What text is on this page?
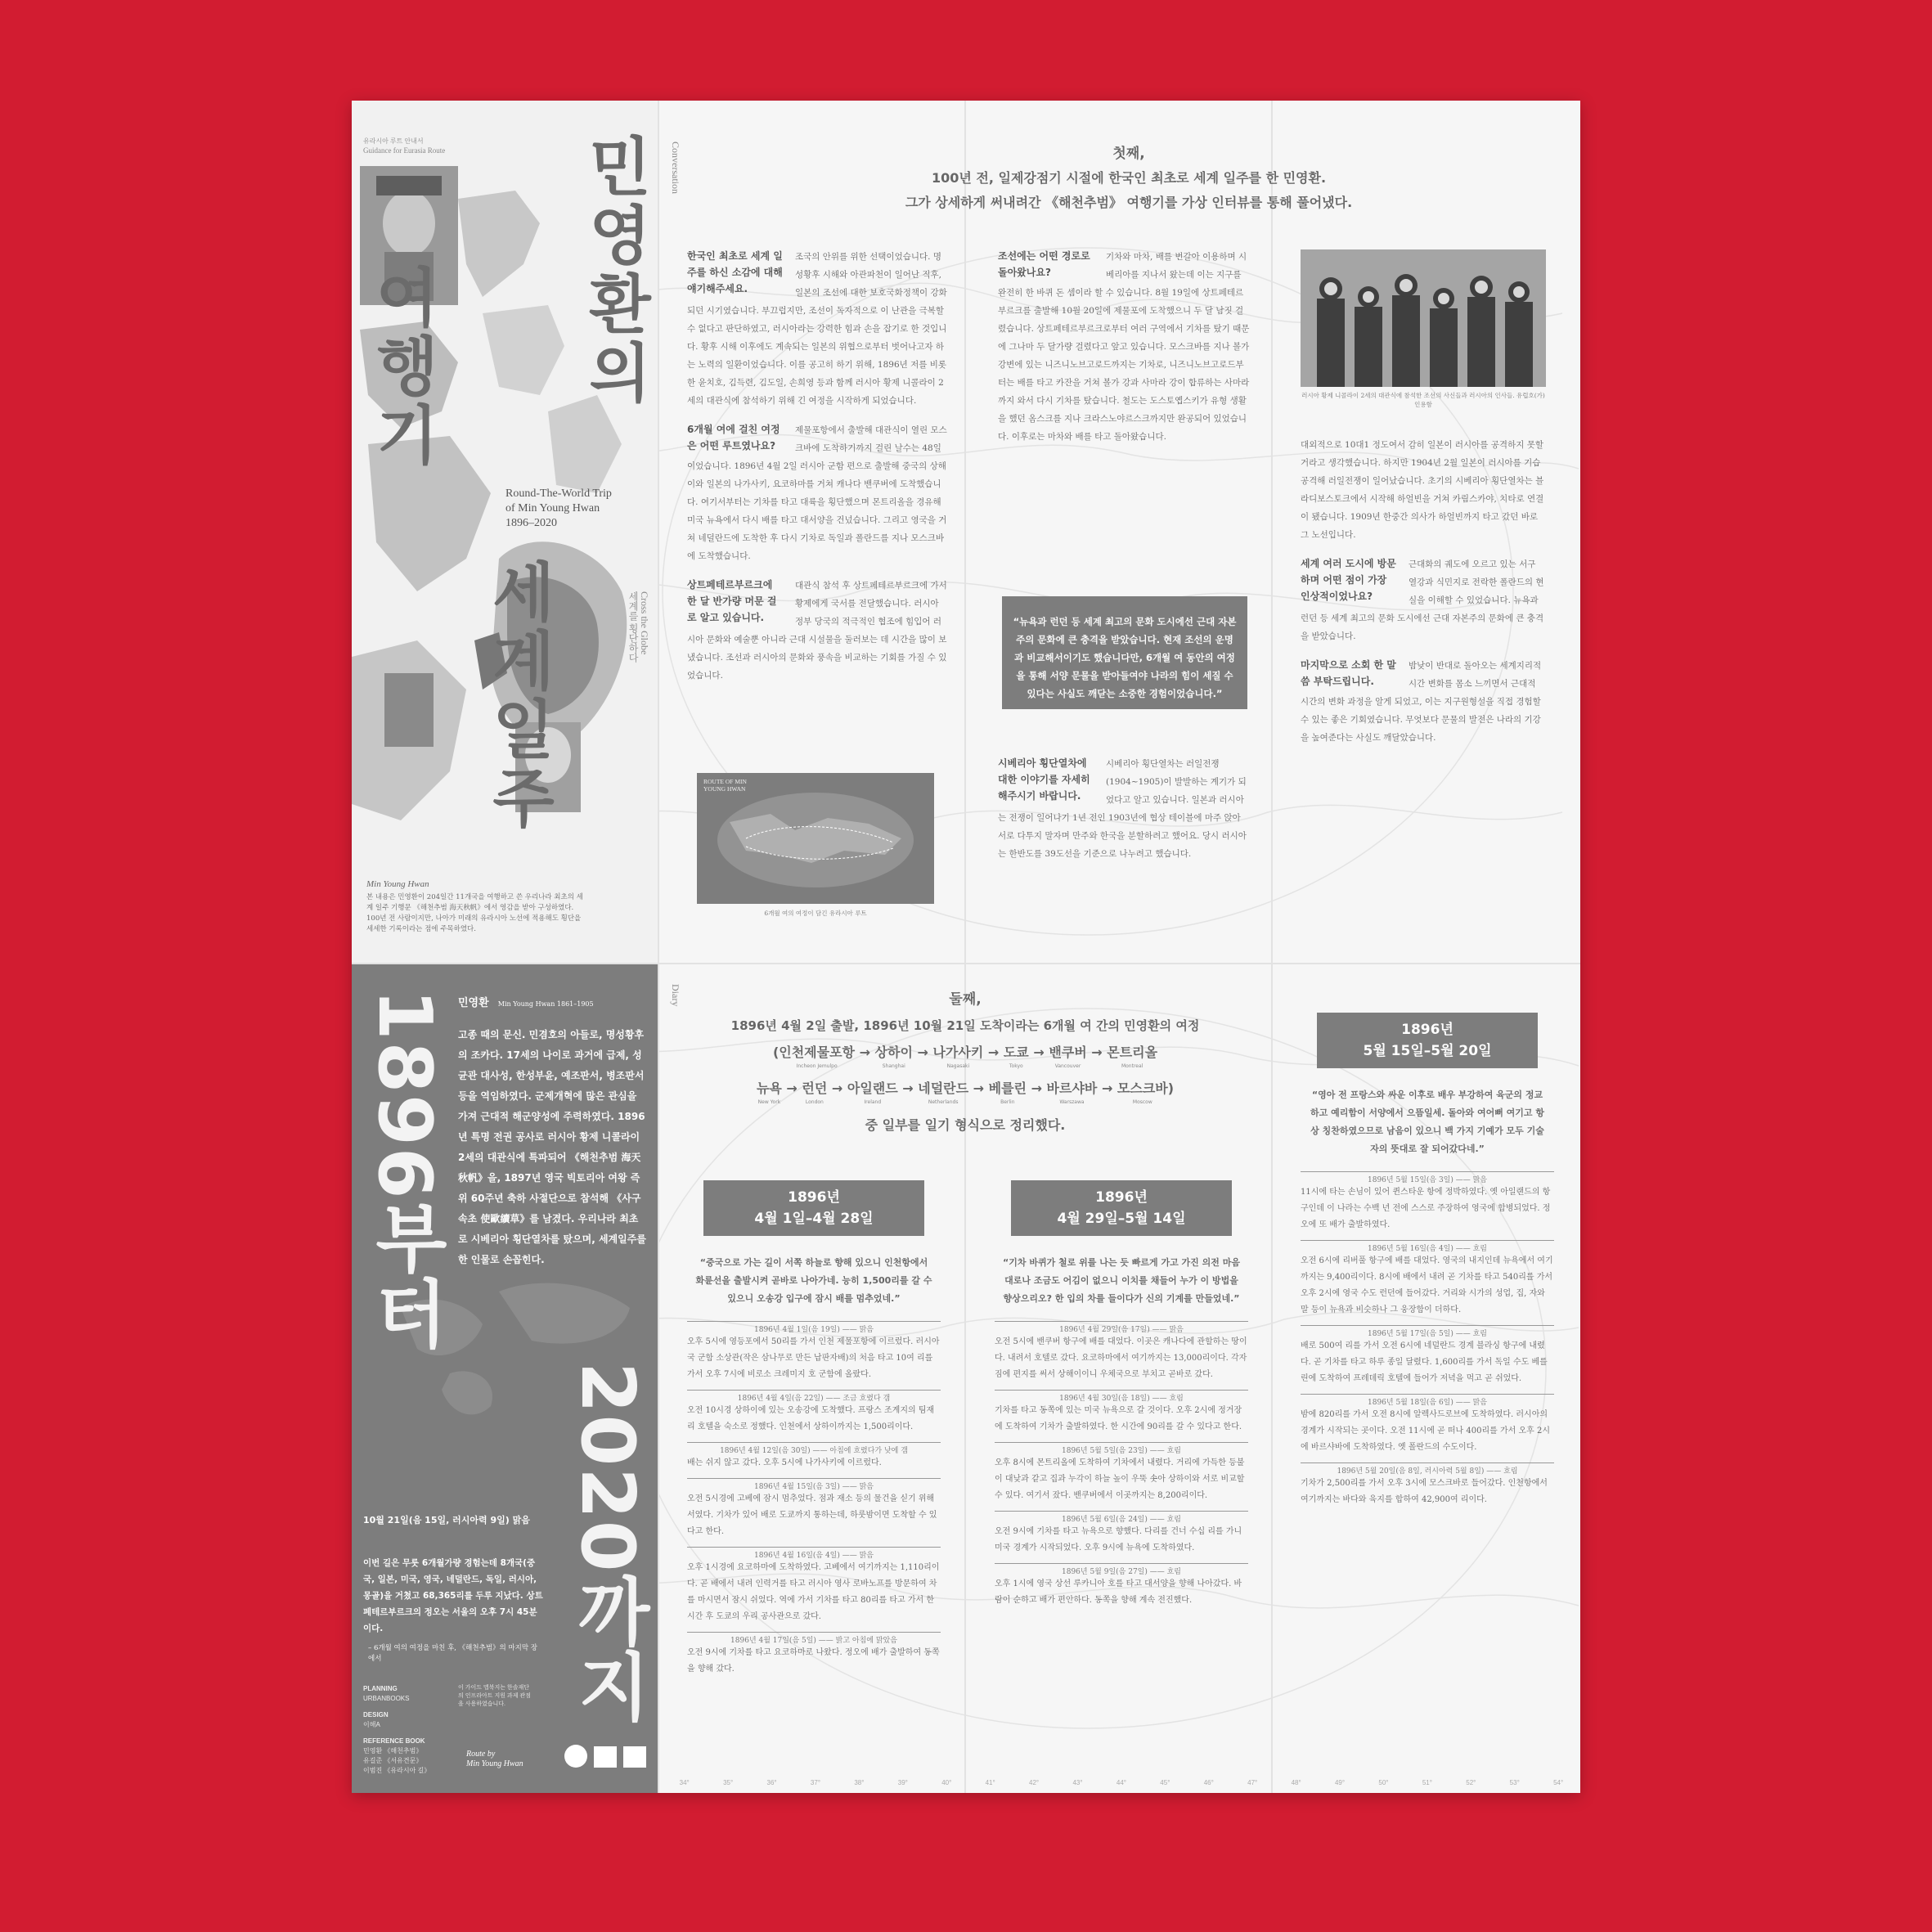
유라시아 루트 안내서
Guidance for Eurasia Route 민영환의
여행기
세계일주
Round-The-World Trip of Min Young Hwan 1896–2020
세계를 횡단하다 Cross the Globe
Min Young Hwan
본 내용은 민영환이 204일간 11개국을 여행하고 쓴 우리나라 최초의 세계 일주 기행문 《해천추범 海天秋帆》에서 영감을 받아 구성하였다. 100년 전 사람이지만, 나아가 미래의 유라시아 노선에 적용해도 횡단을 세세한 기록이라는 점에 주목하였다.
Conversation	첫째,
100년 전, 일제강점기 시절에 한국인 최초로 세계 일주를 한 민영환.
그가 상세하게 써내려간 《해천추범》 여행기를 가상 인터뷰를 통해 풀어냈다.
한국인 최초로 세계 일주를 하신 소감에 대해 얘기해주세요.

조국의 안위를 위한 선택이었습니다. 명성황후 시해와 아관파천이 일어난 직후, 일본의 조선에 대한 보호국화정책이 강화되던 시기였습니다. 부끄럽지만, 조선이 독자적으로 이 난관을 극복할 수 없다고 판단하였고, 러시아라는 강력한 힘과 손을 잡기로 한 것입니다. 황후 시해 이후에도 계속되는 일본의 위협으로부터 벗어나고자 하는 노력의 일환이었습니다. 이를 공고히 하기 위해, 1896년 저를 비롯한 윤치호, 김득련, 김도일, 손희영 등과 함께 러시아 황제 니콜라이 2세의 대관식에 참석하기 위해 긴 여정을 시작하게 되었습니다.

6개월 여에 걸친 여정은 어떤 루트였나요?

제물포항에서 출발해 대관식이 열린 모스크바에 도착하기까지 걸린 날수는 48일이었습니다. 1896년 4월 2일 러시아 군함 편으로 출발해 중국의 상해이와 일본의 나가사키, 요코하마를 거쳐 캐나다 밴쿠버에 도착했습니다. 여기서부터는 기차를 타고 대륙을 횡단했으며 몬트리올을 경유해 미국 뉴욕에서 다시 배를 타고 대서양을 건넜습니다. 그리고 영국을 거쳐 네덜란드에 도착한 후 다시 기차로 독일과 폴란드를 지나 모스크바에 도착했습니다.

상트페테르부르크에 한 달 반가량 머문 걸로 알고 있습니다.

대관식 참석 후 상트페테르부르크에 가서 황제에게 국서를 전달했습니다. 러시아 정부 당국의 적극적인 협조에 힘입어 러시아 문화와 예술뿐 아니라 근대 시설물을 둘러보는 데 시간을 많이 보냈습니다. 조선과 러시아의 문화와 풍속을 비교하는 기회를 가질 수 있었습니다.

ROUTE OF MIN YOUNG HWAN
6개월 여의 여정이 담긴 유라시아 루트
조선에는 어떤 경로로 돌아왔나요?

기차와 마차, 배를 번갈아 이용하며 시베리아를 지나서 왔는데 이는 지구를 완전히 한 바퀴 돈 셈이라 할 수 있습니다. 8월 19일에 상트페테르부르크를 출발해 10월 20일에 제물포에 도착했으니 두 달 남짓 걸렸습니다. 상트페테르부르크로부터 여러 구역에서 기차를 탔기 때문에 그나마 두 달가량 걸렸다고 앞고 있습니다. 모스크바를 지나 볼가 강변에 있는 니즈니노브고로드까지는 기차로, 니즈니노브고로드부터는 배를 타고 카잔을 거쳐 볼가 강과 사마라 강이 합류하는 사마라까지 와서 다시 기차를 탔습니다. 철도는 도스토옙스키가 유형 생활을 했던 옴스크를 지나 크라스노야르스크까지만 완공되어 있었습니다. 이후로는 마차와 배를 타고 돌아왔습니다.

“뉴욕과 런던 등 세계 최고의 문화 도시에선 근대 자본주의 문화에 큰 충격을 받았습니다. 현재 조선의 운명과 비교해서이기도 했습니다만, 6개월 여 동안의 여정을 통해 서양 문물을 받아들여야 나라의 힘이 세질 수 있다는 사실도 깨닫는 소중한 경험이었습니다.”
시베리아 횡단열차에 대한 이야기를 자세히 해주시기 바랍니다.

시베리아 횡단열차는 러일전쟁(1904~1905)이 발발하는 계기가 되었다고 알고 있습니다. 일본과 러시아는 전쟁이 일어나기 1년 전인 1903년에 협상 테이블에 마주 앉아 서로 다투지 말자며 만주와 한국을 분할하려고 했어요. 당시 러시아는 한반도를 39도선을 기준으로 나누려고 했습니다.

러시아 황제 니콜라이 2세의 대관식에 참석한 조선의 사신들과 러시아의 인사들. 유럽호(가) 인용함

대외적으로 10대1 정도여서 감히 일본이 러시아를 공격하지 못할 거라고 생각했습니다. 하지만 1904년 2월 일본이 러시아를 기습 공격해 러일전쟁이 일어났습니다. 초기의 시베리아 횡단열차는 블라디보스토크에서 시작해 하얼빈을 거쳐 카림스카야, 치타로 연결이 됐습니다. 1909년 한중간 의사가 하얼빈까지 타고 갔던 바로 그 노선입니다.

세계 여러 도시에 방문하며 어떤 점이 가장 인상적이었나요?

근대화의 궤도에 오르고 있는 서구 열강과 식민지로 전락한 폴란드의 현실을 이해할 수 있었습니다. 뉴욕과 런던 등 세계 최고의 문화 도시에선 근대 자본주의 문화에 큰 충격을 받았습니다.

마지막으로 소회 한 말씀 부탁드립니다.

밤낮이 반대로 돌아오는 세계지리적 시간 변화를 몸소 느끼면서 근대적 시간의 변화 과정을 알게 되었고, 이는 지구원형설을 직접 경험할 수 있는 좋은 기회였습니다. 무엇보다 문물의 발전은 나라의 기강을 높여준다는 사실도 깨달았습니다.

1896부터
2020까지
민영환 Min Young Hwan 1861–1905
고종 때의 문신. 민겸호의 아들로, 명성황후의 조카다. 17세의 나이로 과거에 급제, 성균관 대사성, 한성부윤, 예조판서, 병조판서 등을 역임하였다. 군제개혁에 많은 관심을 가져 근대적 해군양성에 주력하였다. 1896년 특명 전권 공사로 러시아 황제 니콜라이 2세의 대관식에 특파되어 《해천추범 海天秋帆》을, 1897년 영국 빅토리아 여왕 즉위 60주년 축하 사절단으로 참석해 《사구속초 使歐續草》를 남겼다. 우리나라 최초로 시베리아 횡단열차를 탔으며, 세계일주를 한 인물로 손꼽힌다.
10월 21일(음 15일, 러시아력 9일) 맑음
이번 길은 무릇 6개월가량 경험는데 8개국(중국, 일본, 미국, 영국, 네덜란드, 독일, 러시아, 몽골)을 거쳤고 68,365리를 두루 지났다. 상트페테르부르크의 정오는 서울의 오후 7시 45분이다.
– 6개월 여의 여정을 마친 후, 《해천추범》의 마지막 장에서
PLANNING
URBANBOOKS
DESIGN
이해A
REFERENCE BOOK
민영환 《해천추범》
유길준 《서유견문》
이범진 《유라시아 길》
이 가이드 맵북지는 한솔재단의 인프라아트 지원 과제 관점을 사용하였습니다.
Route by
Min Young Hwan
Diary	둘째,
1896년 4월 2일 출발, 1896년 10월 21일 도착이라는 6개월 여 간의 민영환의 여정
(인천제물포항
Incheon Jemulpo
→ 상하이
Shanghai
→ 나가사키
Nagasaki
→ 도쿄
Tokyo
→ 밴쿠버
Vancouver
→ 몬트리올
Montreal
뉴욕
New York
→ 런던
London
→ 아일랜드
Ireland
→ 네덜란드
Netherlands
→ 베를린
Berlin
→ 바르샤바
Warszawa
→ 모스크바
Moscow
)
중 일부를 일기 형식으로 정리했다.
1896년
4월 1일–4월 28일
“중국으로 가는 길이 서쪽 하늘로 향해 있으니 인천항에서 화륜선을 출발시켜 곧바로 나아가네. 능히 1,500리를 갈 수 있으니 오송강 입구에 잠시 배를 멈추었네.”
1896년 4월 1일(음 19일) —— 맑음
오후 5시에 영등포에서 50리를 가서 인천 제물포항에 이르렀다. 러시아국 군함 소상관(작은 삼나무로 만든 납판자배)의 처음 타고 10여 리를 가서 오후 7시에 비로소 크레미지 호 군함에 올랐다.
1896년 4월 4일(음 22일) —— 조금 흐렸다 갬
오전 10시경 상하이에 있는 오송강에 도착했다. 프랑스 조계지의 팀재리 호텔을 숙소로 정했다. 인천에서 상하이까지는 1,500리이다.
1896년 4월 12일(음 30일) —— 아침에 흐렸다가 낮에 갬
배는 쉬지 않고 갔다. 오후 5시에 나가사키에 이르렀다.
1896년 4월 15일(음 3일) —— 맑음
오전 5시경에 고베에 잠시 멈추었다. 점과 재소 등의 물건을 싣기 위해서였다. 기차가 있어 배로 도쿄까지 통하는데, 하룻밤이면 도착할 수 있다고 한다.
1896년 4월 16일(음 4일) —— 맑음
오후 1시경에 요코하마에 도착하였다. 고베에서 여기까지는 1,110리이다. 곧 배에서 내려 인력거를 타고 러시아 영사 로바노프를 방문하여 차를 마시면서 잠시 쉬었다. 역에 가서 기차를 타고 80리를 타고 가서 한 시간 후 도쿄의 우리 공사관으로 갔다.
1896년 4월 17일(음 5일) —— 밝고 아침에 맑았음
오전 9시에 기차를 타고 요코하마로 나왔다. 정오에 배가 출발하여 동쪽을 향해 갔다.
1896년
4월 29일–5월 14일
“기차 바퀴가 철로 위를 나는 듯 빠르게 가고 가진 의전 마음대로나 조금도 어김이 없으니 이치를 채들어 누가 이 방법을 향상으리오? 한 입의 차를 들이다가 신의 기계를 만들었네.”
1896년 4월 29일(음 17일) —— 맑음
오전 5시에 밴쿠버 항구에 배를 대었다. 이곳은 캐나다에 관할하는 땅이다. 내려서 호텔로 갔다. 요코하마에서 여기까지는 13,000리이다. 각자 짐에 편지를 써서 상해이이니 우체국으로 부치고 곧바로 갔다.
1896년 4월 30일(음 18일) —— 흐림
기차를 타고 동쪽에 있는 미국 뉴욕으로 갈 것이다. 오후 2시에 정거장에 도착하여 기차가 출발하였다. 한 시간에 90리를 갈 수 있다고 한다.
1896년 5월 5일(음 23일) —— 흐림
오후 8시에 몬트리올에 도착하여 기차에서 내렸다. 거리에 가득한 등불이 대낮과 같고 집과 누각이 하늘 높이 우뚝 솟아 상하이와 서로 비교할 수 있다. 여기서 잤다. 밴쿠버에서 이곳까지는 8,200리이다.
1896년 5월 6일(음 24일) —— 흐림
오전 9시에 기차를 타고 뉴욕으로 향했다. 다리를 건너 수십 리를 가니 미국 경계가 시작되었다. 오후 9시에 뉴욕에 도착하였다.
1896년 5월 9일(음 27일) —— 흐림
오후 1시에 영국 상선 루카니아 호를 타고 대서양을 향해 나아갔다. 바람이 순하고 배가 편안하다. 동쪽을 향해 계속 전진했다.
1896년
5월 15일–5월 20일
“영아 전 프랑스와 싸운 이후로 배우 부강하여 육군의 정교하고 예리함이 서양에서 으뜸일세. 돌아와 여어뻐 여기고 항상 칭찬하였으므로 남음이 있으니 백 가지 기예가 모두 기술자의 뜻대로 잘 되어갔다네.”
1896년 5월 15일(음 3일) —— 맑음
11시에 타는 손님이 있어 퀸스타운 항에 정박하였다. 옛 아일랜드의 항구인데 이 나라는 수백 년 전에 스스로 주장하여 영국에 합병되었다. 정오에 또 배가 출발하였다.
1896년 5월 16일(음 4일) —— 흐림
오전 6시에 리버풀 항구에 배를 대었다. 영국의 내지인데 뉴욕에서 여기까지는 9,400리이다. 8시에 배에서 내려 곧 기차를 타고 540리를 가서 오후 2시에 영국 수도 런던에 들어갔다. 거리와 시가의 성업, 집, 자와 말 등이 뉴욕과 비슷하나 그 웅장함이 더하다.
1896년 5월 17일(음 5일) —— 흐림
배로 500여 리를 가서 오전 6시에 네덜란드 경계 블라싱 항구에 내렸다. 곧 기차를 타고 하루 종일 달렸다. 1,600리를 가서 독일 수도 베를린에 도착하여 프레데릭 호텔에 들어가 저녁을 먹고 곧 쉬었다.
1896년 5월 18일(음 6일) —— 맑음
밤에 820리를 가서 오전 8시에 알렉사드로브에 도착하였다. 러시아의 경계가 시작되는 곳이다. 오전 11시에 곧 떠나 400리를 가서 오후 2시에 바르샤바에 도착하였다. 옛 폴란드의 수도이다.
1896년 5월 20일(음 8일, 러시아력 5월 8일) —— 흐림
기차가 2,500리를 가서 오후 3시에 모스크바로 들어갔다. 인천항에서 여기까지는 바다와 육지를 합하여 42,900여 리이다.
34°	35°	36°	37°	38°	39°	40°	41°	42°	43°	44°	45°	46°	47°	48°	49°	50°	51°	52°	53°	54°
